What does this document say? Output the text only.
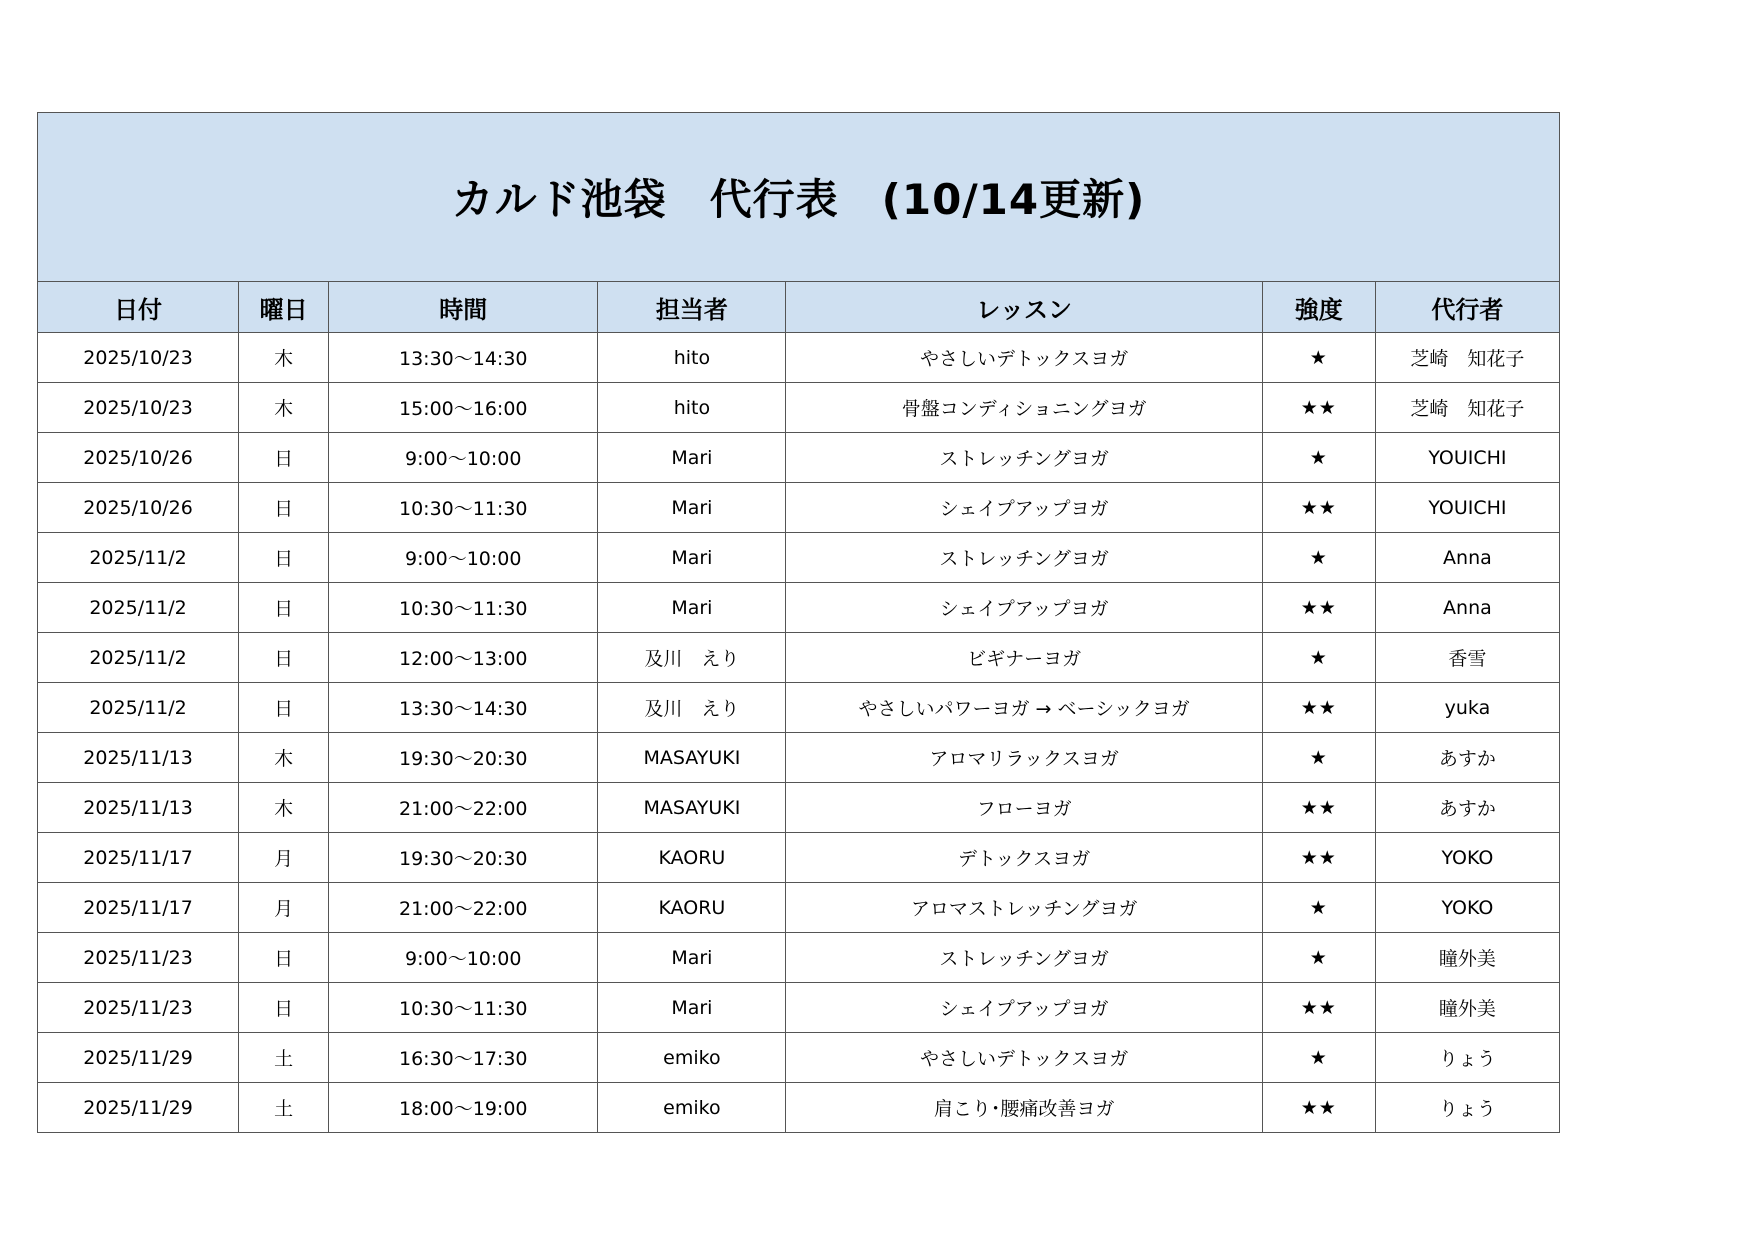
カルド池袋　代行表　(10/14更新)						
日付	曜日	時間	担当者	レッスン	強度	代行者
2025/10/23	木	13:30～14:30	hito	やさしいデトックスヨガ	★	芝崎　知花子
2025/10/23	木	15:00～16:00	hito	骨盤コンディショニングヨガ	★★	芝崎　知花子
2025/10/26	日	9:00～10:00	Mari	ストレッチングヨガ	★	YOUICHI
2025/10/26	日	10:30～11:30	Mari	シェイプアップヨガ	★★	YOUICHI
2025/11/2	日	9:00～10:00	Mari	ストレッチングヨガ	★	Anna
2025/11/2	日	10:30～11:30	Mari	シェイプアップヨガ	★★	Anna
2025/11/2	日	12:00～13:00	及川　えり	ビギナーヨガ	★	香雪
2025/11/2	日	13:30～14:30	及川　えり	やさしいパワーヨガ → ベーシックヨガ	★★	yuka
2025/11/13	木	19:30～20:30	MASAYUKI	アロマリラックスヨガ	★	あすか
2025/11/13	木	21:00～22:00	MASAYUKI	フローヨガ	★★	あすか
2025/11/17	月	19:30～20:30	KAORU	デトックスヨガ	★★	YOKO
2025/11/17	月	21:00～22:00	KAORU	アロマストレッチングヨガ	★	YOKO
2025/11/23	日	9:00～10:00	Mari	ストレッチングヨガ	★	瞳外美
2025/11/23	日	10:30～11:30	Mari	シェイプアップヨガ	★★	瞳外美
2025/11/29	土	16:30～17:30	emiko	やさしいデトックスヨガ	★	りょう
2025/11/29	土	18:00～19:00	emiko	肩こり･腰痛改善ヨガ	★★	りょう
